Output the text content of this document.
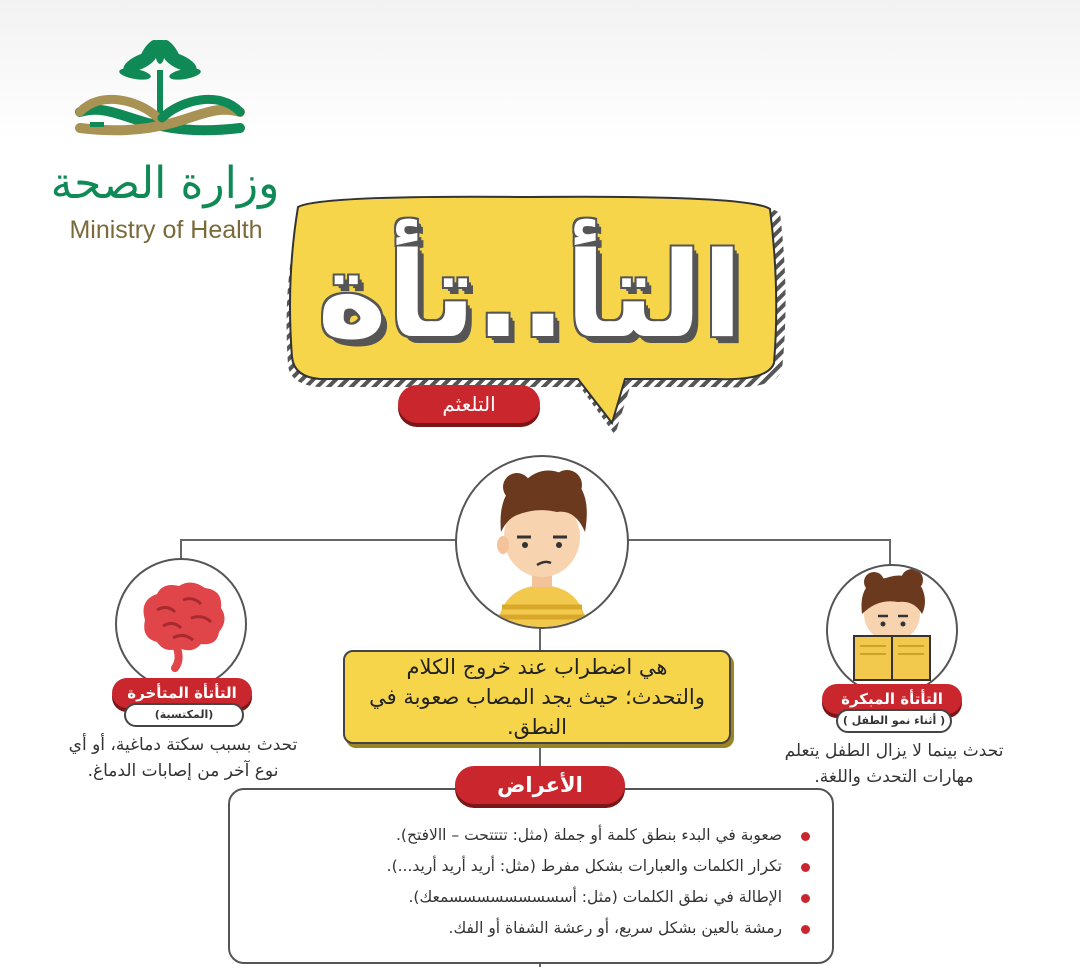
وزارة الصحة
Ministry of Health التأ..تأة
التلعثم
هي اضطراب عند خروج الكلام والتحدث؛ حيث يجد المصاب صعوبة في النطق.
التأتأة المتأخرة
(المكتسبة)
تحدث بسبب سكتة دماغية، أو أي نوع آخر من إصابات الدماغ.
التأتأة المبكرة
( أثناء نمو الطفل )
تحدث بينما لا يزال الطفل يتعلم مهارات التحدث واللغة.
الأعراض
صعوبة في البدء بنطق كلمة أو جملة (مثل: تتتتحت – االافتح).
تكرار الكلمات والعبارات بشكل مفرط (مثل: أريد أريد أريد...).
الإطالة في نطق الكلمات (مثل: أسسسسسسسسسمعك).
رمشة بالعين بشكل سريع، أو رعشة الشفاة أو الفك.
